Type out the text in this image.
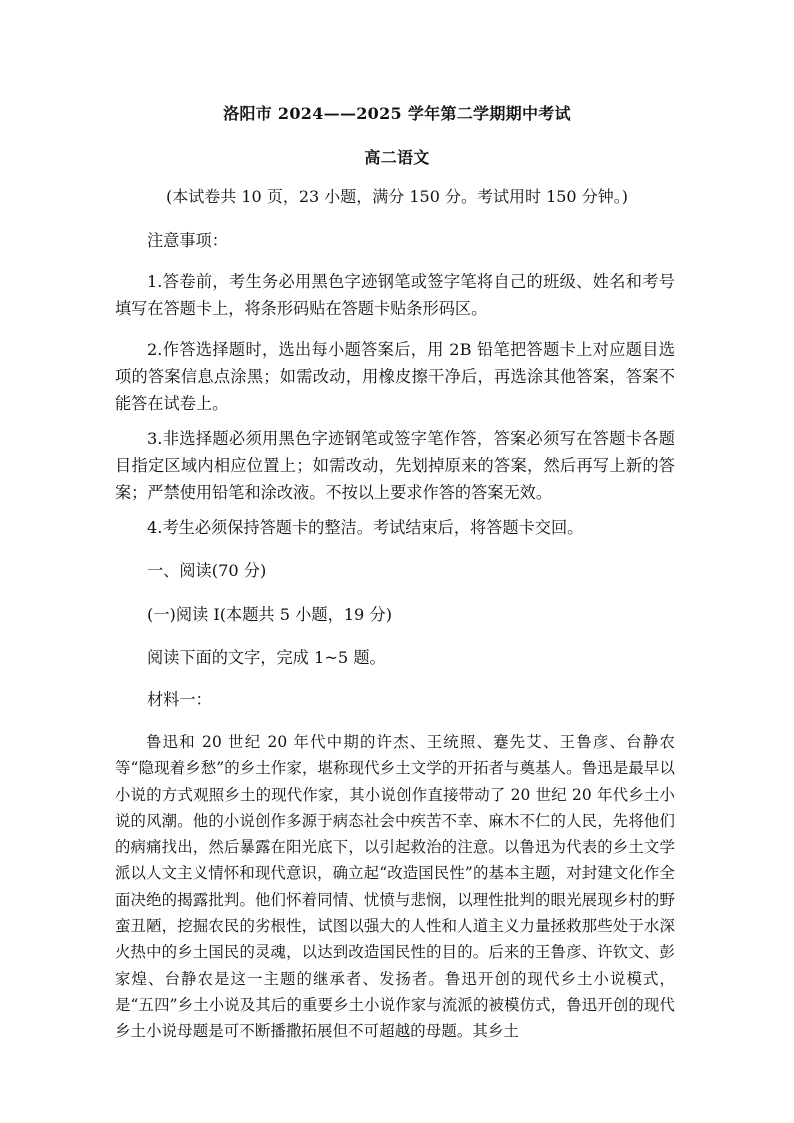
洛阳市 2024——2025 学年第二学期期中考试
高二语文
(本试卷共 10 页，23 小题，满分 150 分。考试用时 150 分钟。)

注意事项：

1.答卷前，考生务必用黑色字迹钢笔或签字笔将自己的班级、姓名和考号填写在答题卡上，将条形码贴在答题卡贴条形码区。

2.作答选择题时，选出每小题答案后，用 2B 铅笔把答题卡上对应题目选项的答案信息点涂黑；如需改动，用橡皮擦干净后，再选涂其他答案，答案不能答在试卷上。

3.非选择题必须用黑色字迹钢笔或签字笔作答，答案必须写在答题卡各题目指定区域内相应位置上；如需改动，先划掉原来的答案，然后再写上新的答案；严禁使用铅笔和涂改液。不按以上要求作答的答案无效。

4.考生必须保持答题卡的整洁。考试结束后，将答题卡交回。

一、阅读(70 分)

(一)阅读 I(本题共 5 小题，19 分)

阅读下面的文字，完成 1~5 题。

材料一：

鲁迅和 20 世纪 20 年代中期的许杰、王统照、蹇先艾、王鲁彦、台静农等“隐现着乡愁”的乡土作家，堪称现代乡土文学的开拓者与奠基人。鲁迅是最早以小说的方式观照乡土的现代作家，其小说创作直接带动了 20 世纪 20 年代乡土小说的风潮。他的小说创作多源于病态社会中疾苦不幸、麻木不仁的人民，先将他们的病痛找出，然后暴露在阳光底下，以引起救治的注意。以鲁迅为代表的乡土文学派以人文主义情怀和现代意识，确立起“改造国民性”的基本主题，对封建文化作全面决绝的揭露批判。他们怀着同情、忧愤与悲悯，以理性批判的眼光展现乡村的野蛮丑陋，挖掘农民的劣根性，试图以强大的人性和人道主义力量拯救那些处于水深火热中的乡土国民的灵魂，以达到改造国民性的目的。后来的王鲁彦、许钦文、彭家煌、台静农是这一主题的继承者、发扬者。鲁迅开创的现代乡土小说模式，是“五四”乡土小说及其后的重要乡土小说作家与流派的被模仿式，鲁迅开创的现代乡土小说母题是可不断播撒拓展但不可超越的母题。其乡土
